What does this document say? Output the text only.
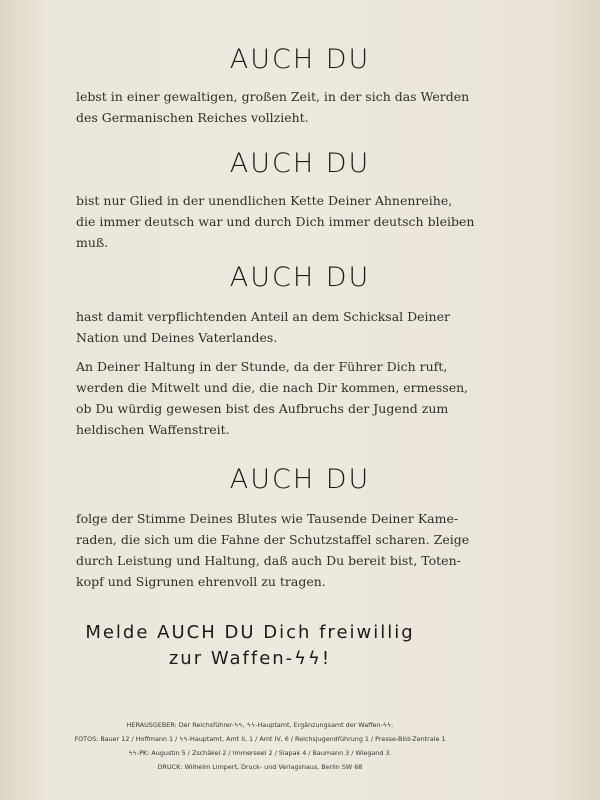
AUCH DU
lebst in einer gewaltigen, großen Zeit, in der sich das Werden
des Germanischen Reiches vollzieht.
AUCH DU
bist nur Glied in der unendlichen Kette Deiner Ahnenreihe,
die immer deutsch war und durch Dich immer deutsch bleiben
muß.
AUCH DU
hast damit verpflichtenden Anteil an dem Schicksal Deiner
Nation und Deines Vaterlandes.
An Deiner Haltung in der Stunde, da der Führer Dich ruft,
werden die Mitwelt und die, die nach Dir kommen, ermessen,
ob Du würdig gewesen bist des Aufbruchs der Jugend zum
heldischen Waffenstreit.
AUCH DU
folge der Stimme Deines Blutes wie Tausende Deiner Kame-
raden, die sich um die Fahne der Schutzstaffel scharen. Zeige
durch Leistung und Haltung, daß auch Du bereit bist, Toten-
kopf und Sigrunen ehrenvoll zu tragen.
Melde AUCH DU Dich freiwillig
zur Waffen-ϟϟ!
HERAUSGEBER: Der Reichsführer-ϟϟ, ϟϟ-Hauptamt, Ergänzungsamt der Waffen-ϟϟ.
FOTOS: Bauer 12 / Hoffmann 1 / ϟϟ-Hauptamt, Amt II, 1 / Amt IV, 6 / Reichsjugendführung 1 / Presse-Bild-Zentrale 1
ϟϟ-PK: Augustin 5 / Zschäkel 2 / Immerseel 2 / Slapak 4 / Baumann 3 / Wiegand 3.
DRUCK: Wilhelm Limpert, Druck- und Verlagshaus, Berlin SW 68
